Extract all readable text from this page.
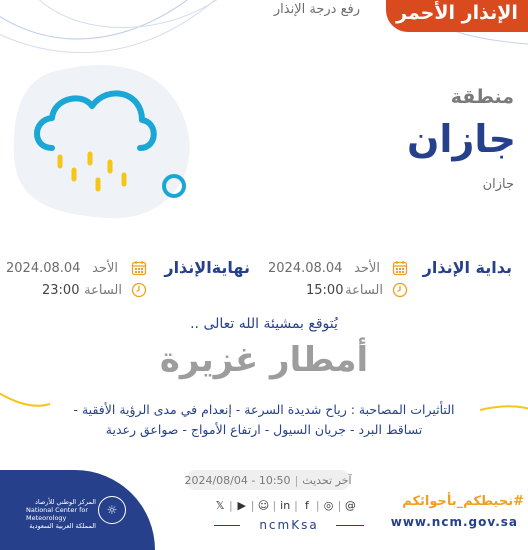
الإنذار الأحمر
رفع درجة الإنذار
منطقة
جازان
جازان
بداية الإنذار
الأحد
2024.08.04
الساعة
15:00
نهايةالإنذار
الأحد
2024.08.04
الساعة
23:00
يُتوقع بمشيئة الله تعالى ..
أمطار غزيرة
التأثيرات المصاحبة : رياح شديدة السرعة - إنعدام في مدى الرؤية الأفقية -
تساقط البرد - جريان السيول - ارتفاع الأمواج - صواعق رعدية
آخر تحديث
|
2024/08/04 - 10:50
المركز الوطني للأرصاد
National Center for Meteorology
المملكة العربية السعودية
☼	𝕏 | ▶ | ☺ | in | f | ◎ | @
ncmKsa
#نحيطكم_بأجوائكم
www.ncm.gov.sa
